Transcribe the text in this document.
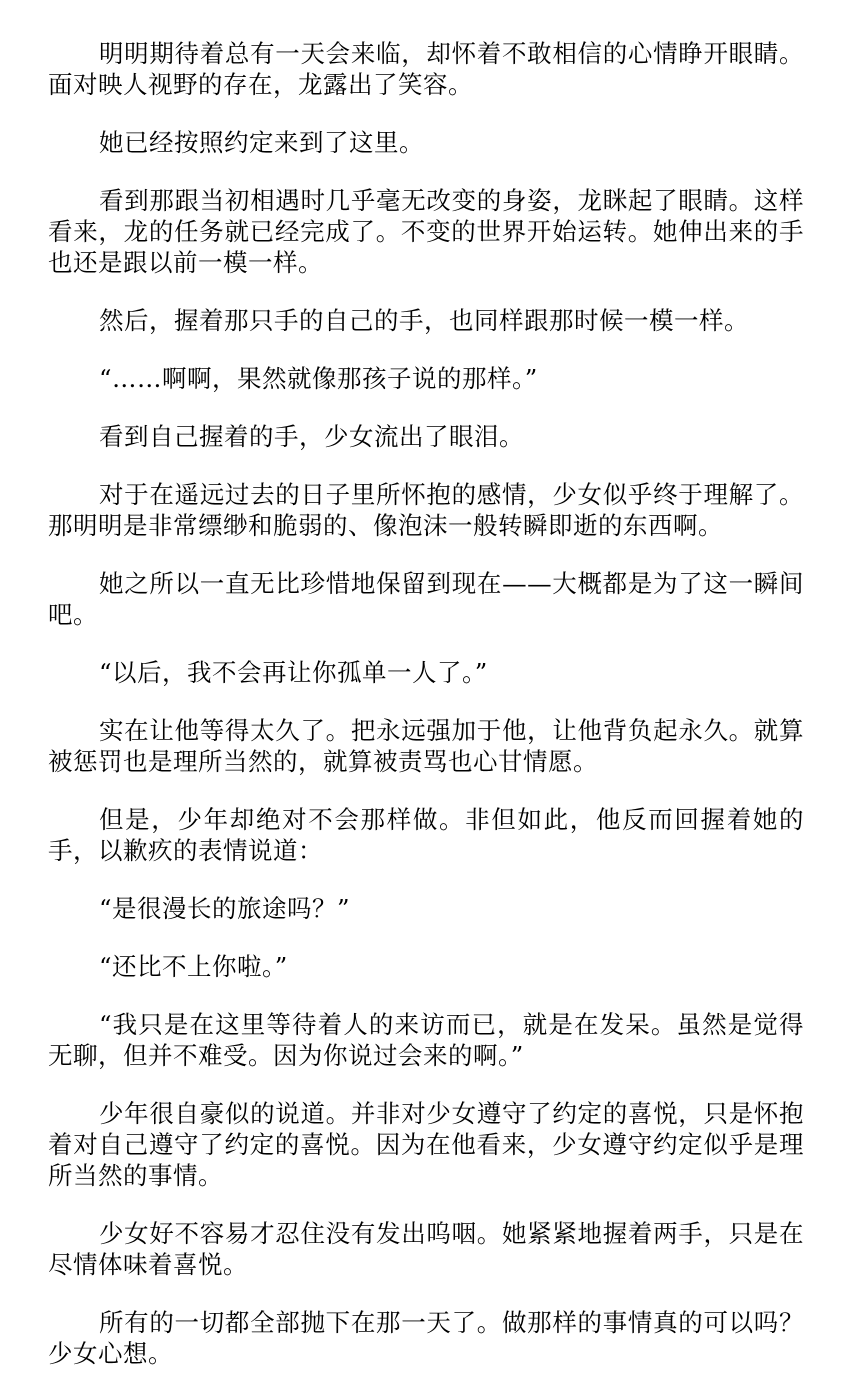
明明期待着总有一天会来临，却怀着不敢相信的心情睁开眼睛。面对映人视野的存在，龙露出了笑容。

她已经按照约定来到了这里。

看到那跟当初相遇时几乎毫无改变的身姿，龙眯起了眼睛。这样看来，龙的任务就已经完成了。不变的世界开始运转。她伸出来的手也还是跟以前一模一样。

然后，握着那只手的自己的手，也同样跟那时候一模一样。

“……啊啊，果然就像那孩子说的那样。”

看到自己握着的手，少女流出了眼泪。

对于在遥远过去的日子里所怀抱的感情，少女似乎终于理解了。那明明是非常缥缈和脆弱的、像泡沫一般转瞬即逝的东西啊。

她之所以一直无比珍惜地保留到现在——大概都是为了这一瞬间吧。

“以后，我不会再让你孤单一人了。”

实在让他等得太久了。把永远强加于他，让他背负起永久。就算被惩罚也是理所当然的，就算被责骂也心甘情愿。

但是，少年却绝对不会那样做。非但如此，他反而回握着她的手，以歉疚的表情说道：

“是很漫长的旅途吗？”

“还比不上你啦。”

“我只是在这里等待着人的来访而已，就是在发呆。虽然是觉得无聊，但并不难受。因为你说过会来的啊。”

少年很自豪似的说道。并非对少女遵守了约定的喜悦，只是怀抱着对自己遵守了约定的喜悦。因为在他看来，少女遵守约定似乎是理所当然的事情。

少女好不容易才忍住没有发出呜咽。她紧紧地握着两手，只是在尽情体味着喜悦。

所有的一切都全部抛下在那一天了。做那样的事情真的可以吗？少女心想。
